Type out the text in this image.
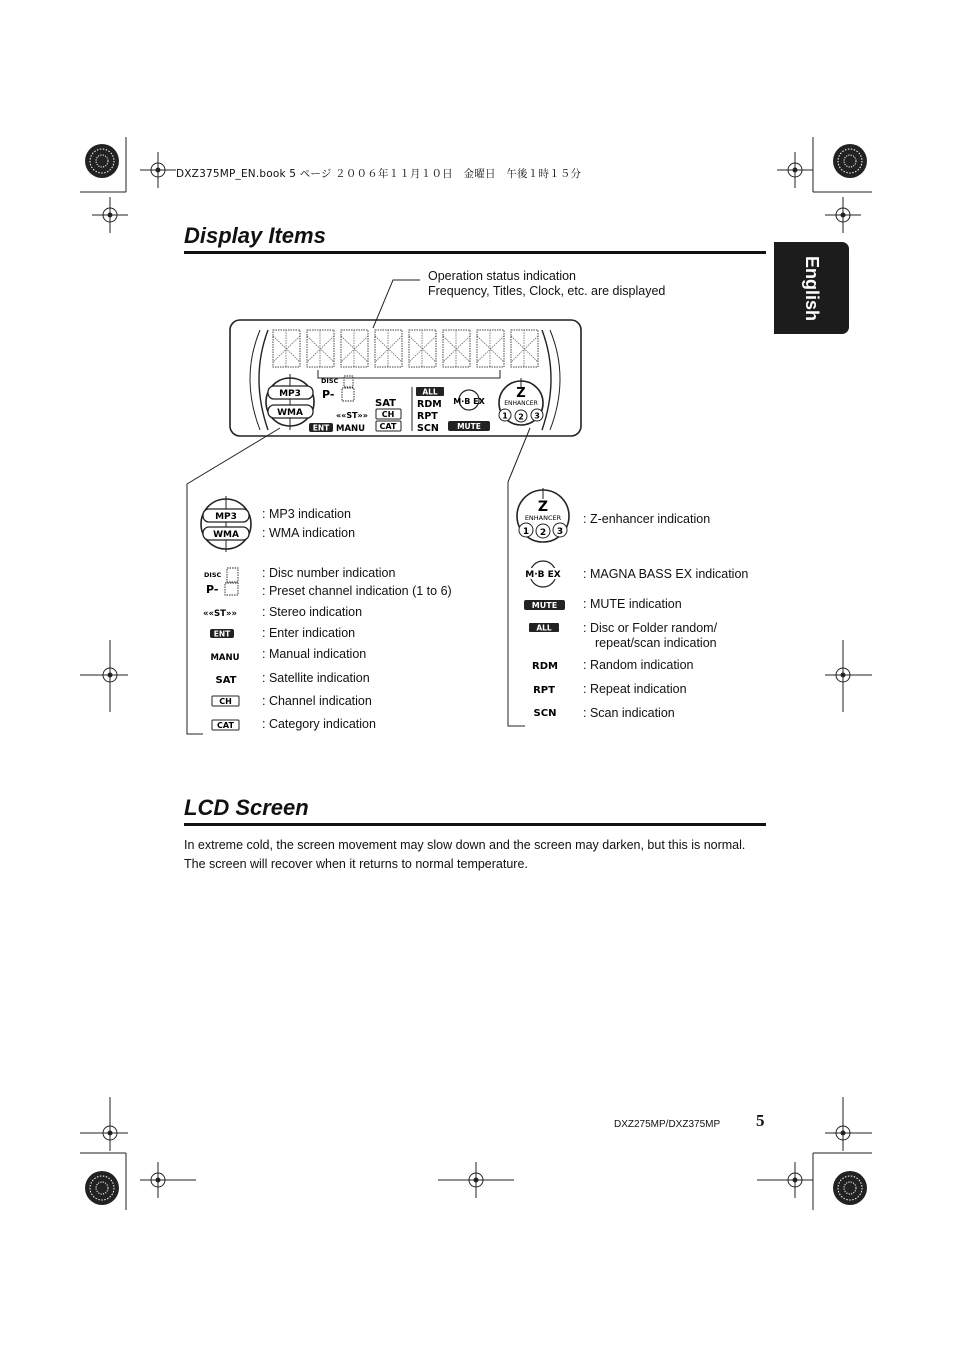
DXZ375MP_EN.book 5 ページ ２００６年１１月１０日　金曜日　午後１時１５分
English
Display Items
Operation status indication
Frequency, Titles, Clock, etc. are displayed
MP3
WMA
DISC
P-
SAT
««ST»» CH
CAT
ENT MANU
ALL
RDM
RPT
SCN
M·B EX
MUTE
Z
ENHANCER
1 2 3
MP3
WMA
DISC
P-
««ST»»
ENT
MANU
SAT
CH
CAT
: MP3 indication
: WMA indication
: Disc number indication
: Preset channel indication (1 to 6)
: Stereo indication
: Enter indication
: Manual indication
: Satellite indication
: Channel indication
: Category indication
Z
ENHANCER
1 2 3
M·B EX
MUTE
ALL
RDM
RPT
SCN
: Z-enhancer indication
: MAGNA BASS EX indication
: MUTE indication
: Disc or Folder random/
repeat/scan indication
: Random indication
: Repeat indication
: Scan indication
LCD Screen
In extreme cold, the screen movement may slow down and the screen may darken, but this is normal.
The screen will recover when it returns to normal temperature.
DXZ275MP/DXZ375MP 5
